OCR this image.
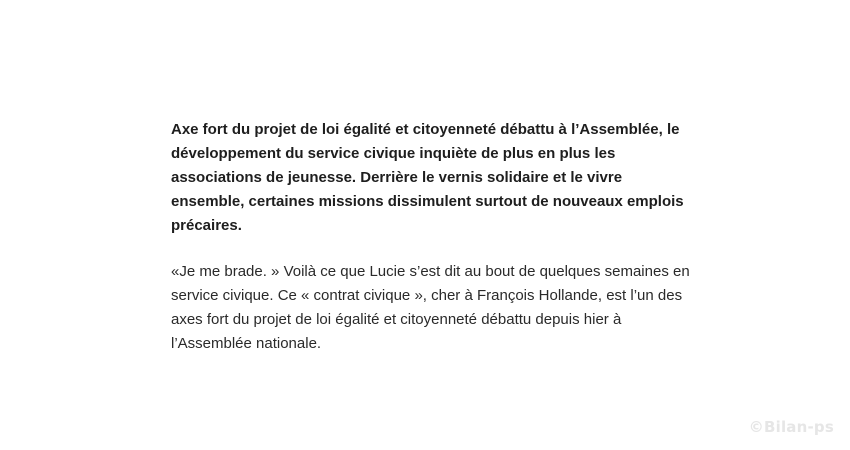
Axe fort du projet de loi égalité et citoyenneté débattu à l’Assemblée, le développement du service civique inquiète de plus en plus les associations de jeunesse. Derrière le vernis solidaire et le vivre ensemble, certaines missions dissimulent surtout de nouveaux emplois précaires.

«Je me brade. » Voilà ce que Lucie s’est dit au bout de quelques semaines en service civique. Ce « contrat civique », cher à François Hollande, est l’un des axes fort du projet de loi égalité et citoyenneté débattu depuis hier à l’Assemblée nationale.

©Bilan-ps
